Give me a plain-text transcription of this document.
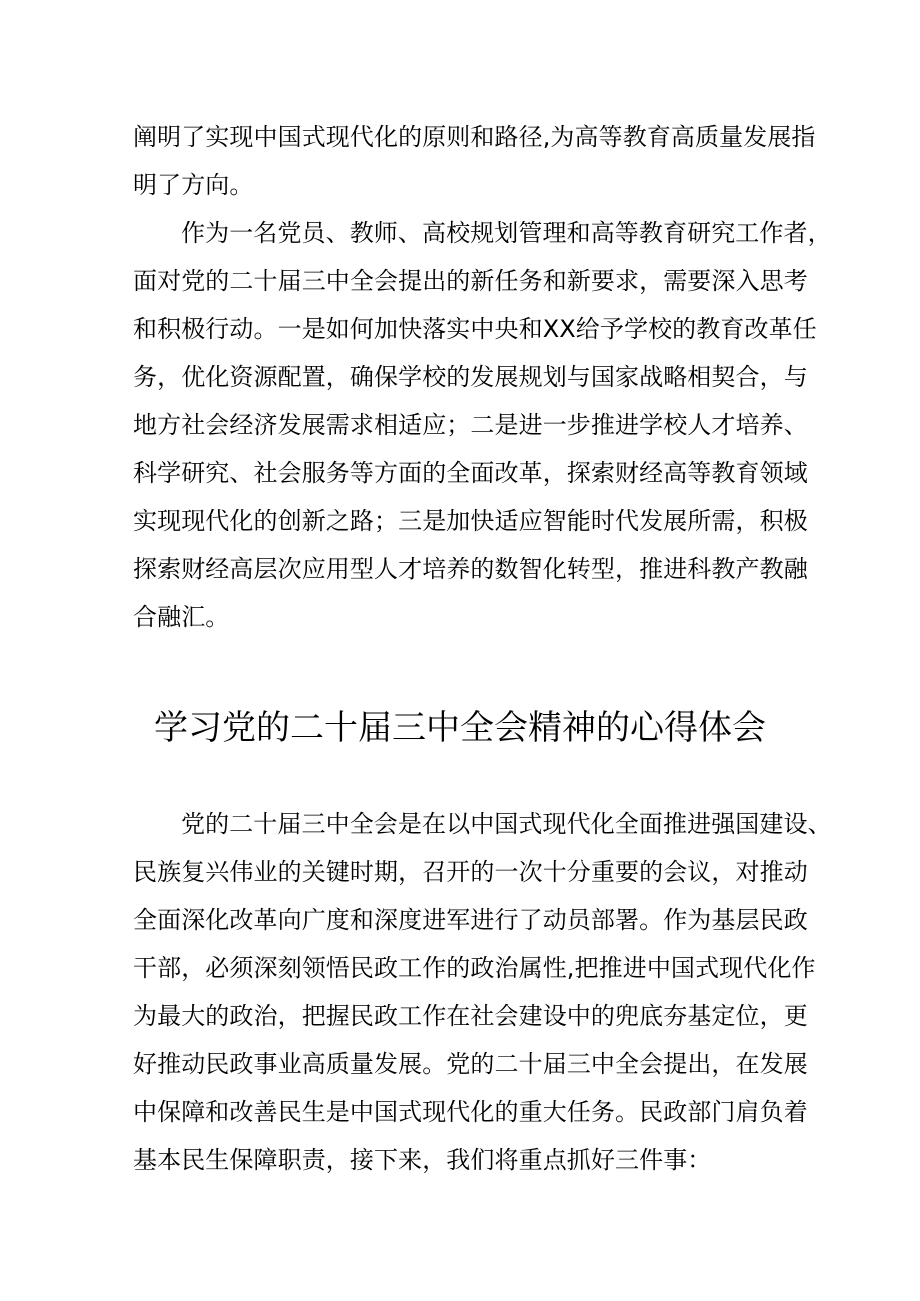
阐明了实现中国式现代化的原则和路径,为高等教育高质量发展指
明了方向。
作为一名党员、教师、高校规划管理和高等教育研究工作者，
面对党的二十届三中全会提出的新任务和新要求，需要深入思考
和积极行动。一是如何加快落实中央和XX给予学校的教育改革任
务，优化资源配置，确保学校的发展规划与国家战略相契合，与
地方社会经济发展需求相适应；二是进一步推进学校人才培养、
科学研究、社会服务等方面的全面改革，探索财经高等教育领域
实现现代化的创新之路；三是加快适应智能时代发展所需，积极
探索财经高层次应用型人才培养的数智化转型，推进科教产教融
合融汇。
学习党的二十届三中全会精神的心得体会
党的二十届三中全会是在以中国式现代化全面推进强国建设、
民族复兴伟业的关键时期，召开的一次十分重要的会议，对推动
全面深化改革向广度和深度进军进行了动员部署。作为基层民政
干部，必须深刻领悟民政工作的政治属性,把推进中国式现代化作
为最大的政治，把握民政工作在社会建设中的兜底夯基定位，更
好推动民政事业高质量发展。党的二十届三中全会提出，在发展
中保障和改善民生是中国式现代化的重大任务。民政部门肩负着
基本民生保障职责，接下来，我们将重点抓好三件事：
